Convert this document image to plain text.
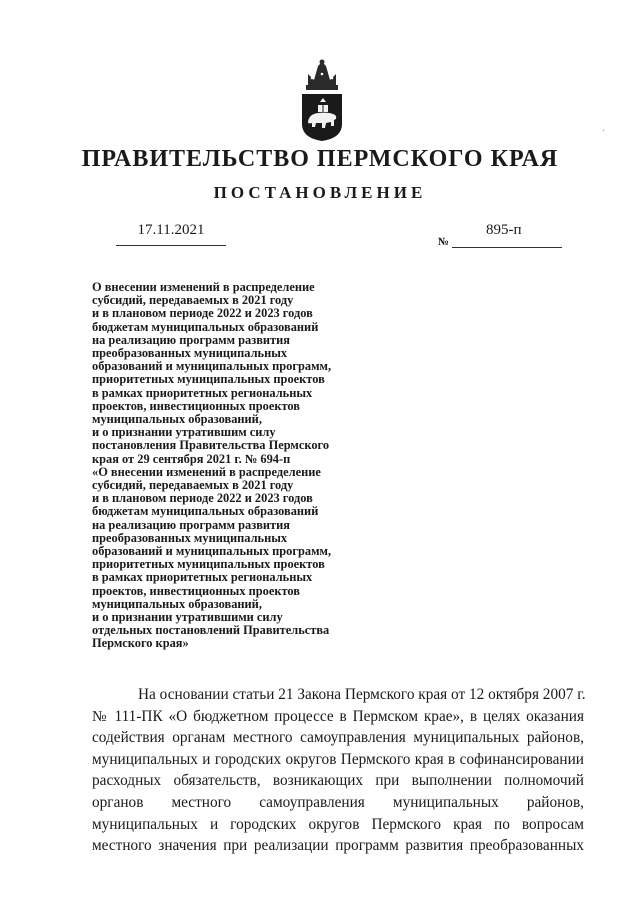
ПРАВИТЕЛЬСТВО ПЕРМСКОГО КРАЯ
ПОСТАНОВЛЕНИЕ
17.11.2021
№
895-п
О внесении изменений в распределение
субсидий, передаваемых в 2021 году
и в плановом периоде 2022 и 2023 годов
бюджетам муниципальных образований
на реализацию программ развития
преобразованных муниципальных
образований и муниципальных программ,
приоритетных муниципальных проектов
в рамках приоритетных региональных
проектов, инвестиционных проектов
муниципальных образований,
и о признании утратившим силу
постановления Правительства Пермского
края от 29 сентября 2021 г. № 694-п
«О внесении изменений в распределение
субсидий, передаваемых в 2021 году
и в плановом периоде 2022 и 2023 годов
бюджетам муниципальных образований
на реализацию программ развития
преобразованных муниципальных
образований и муниципальных программ,
приоритетных муниципальных проектов
в рамках приоритетных региональных
проектов, инвестиционных проектов
муниципальных образований,
и о признании утратившими силу
отдельных постановлений Правительства
Пермского края»
На основании статьи 21 Закона Пермского края от 12 октября 2007 г.
№ 111-ПК «О бюджетном процессе в Пермском крае», в целях оказания
содействия органам местного самоуправления муниципальных районов,
муниципальных и городских округов Пермского края в софинансировании
расходных обязательств, возникающих при выполнении полномочий
органов местного самоуправления муниципальных районов,
муниципальных и городских округов Пермского края по вопросам
местного значения при реализации программ развития преобразованных
'
